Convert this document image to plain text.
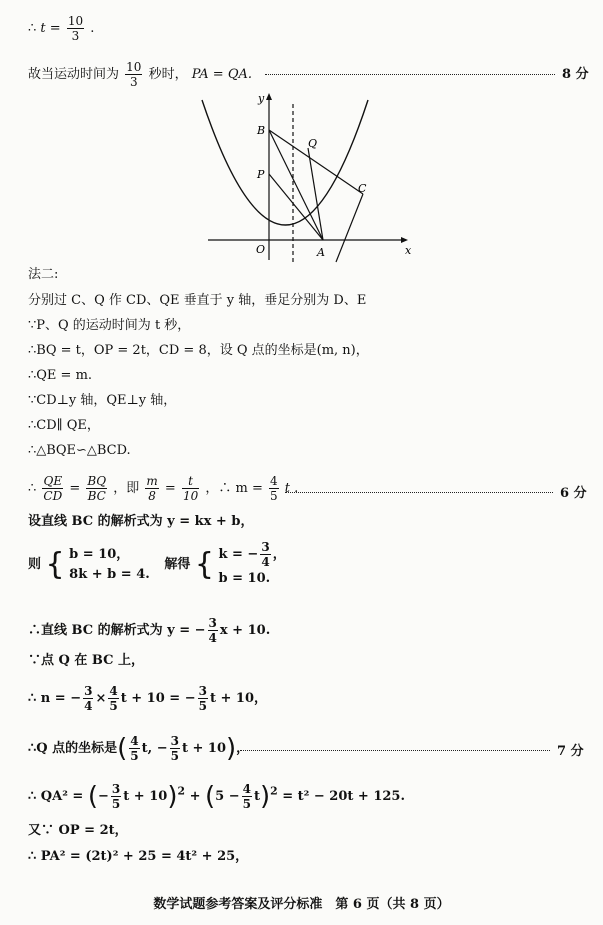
∴ $t = \frac{10}{3}$ .
故当运动时间为 $\frac{10}{3}$ 秒时， PA = QA.	8 分
y
x
O	A
B
P
Q
C
法二:
分别过 C、Q 作 CD、QE 垂直于 y 轴，垂足分别为 D、E
∵P、Q 的运动时间为 t 秒，
∴BQ = t，OP = 2t，CD = 8，设 Q 点的坐标是(m, n)，
∴QE = m.
∵CD⊥y 轴，QE⊥y 轴，
∴CD∥ QE，
∴△BQE∽△BCD.
∴ $\frac{QE}{CD} = \frac{BQ}{BC}$ ，即 $\frac{m}{8} = \frac{t}{10}$ ，∴ $m = \frac{4}{5}$ t .	6 分
设直线 BC 的解析式为 y = kx + b，
则 { b = 10，
8k + b = 4.
解得 { k = − $\frac{3}{4}$ ，
b = 10.
∴直线 BC 的解析式为 y = − $\frac{3}{4}$ x + 10.
∵点 Q 在 BC 上，
∴ n = − $\frac{3}{4} \times \frac{4}{5}$ t + 10 = − $\frac{3}{5}$ t + 10，
∴Q 点的坐标是( $\frac{4}{5} t$, − $\frac{3}{5}$ t + 10)，	7 分
∴ QA² = (− $\frac{3}{5}$ $t + 10)^2 + (5 - \frac{4}{5} t)^2 = t^2 - 20t + 125$.
又∵ OP = 2t，
∴ PA² = (2t)² + 25 = 4t² + 25，
数学试题参考答案及评分标准　第 6 页（共 8 页）
